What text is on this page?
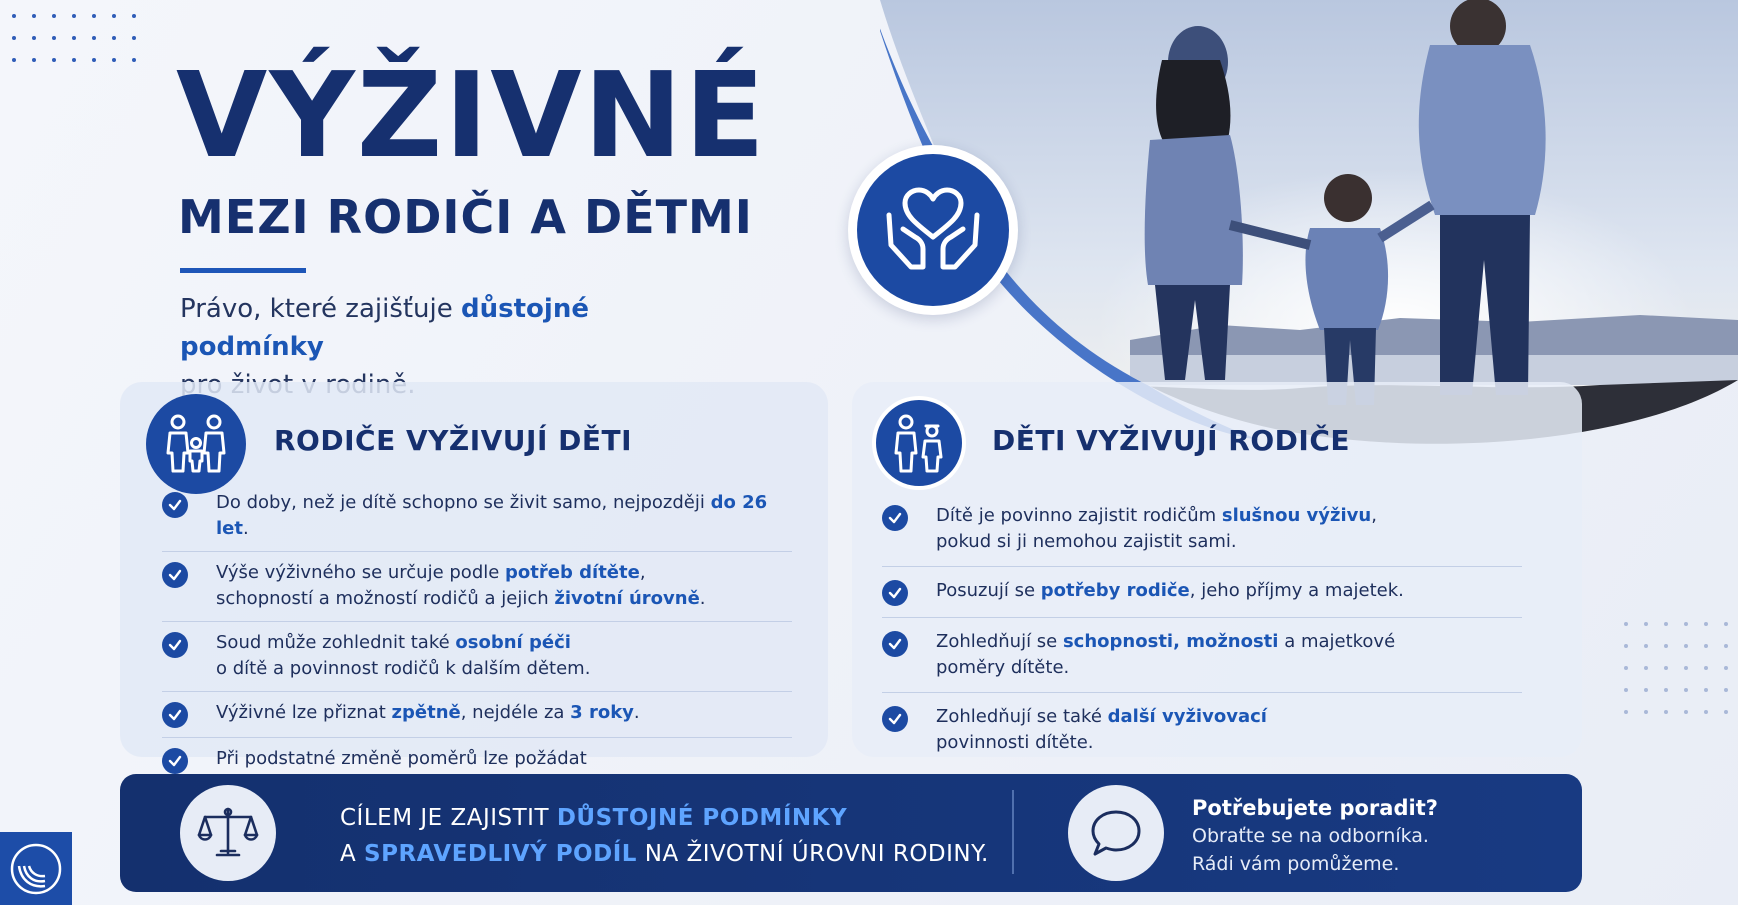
VÝŽIVNÉ
MEZI RODIČI A DĚTMI
Právo, které zajišťuje důstojné podmínky

RODIČE VYŽIVUJÍ DĚTI
Do doby, než je dítě schopno se živit samo, nejpozději do 26 let.
Výše výživného se určuje podle potřeb dítěte,
schopností a možností rodičů a jejich životní úrovně.
Soud může zohlednit také osobní péči
o dítě a povinnost rodičů k dalším dětem.
Výživné lze přiznat zpětně, nejdéle za 3 roky.
Při podstatné změně poměrů lze požádat

DĚTI VYŽIVUJÍ RODIČE
Dítě je povinno zajistit rodičům slušnou výživu,
pokud si ji nemohou zajistit sami.
Posuzují se potřeby rodiče, jeho příjmy a majetek.
Zohledňují se schopnosti, možnosti a majetkové
poměry dítěte.
Zohledňují se také další vyživovací
povinnosti dítěte.
CÍLEM JE ZAJISTIT DŮSTOJNÉ PODMÍNKY
A SPRAVEDLIVÝ PODÍL NA ŽIVOTNÍ ÚROVNI RODINY.
Potřebujete poradit?
Obraťte se na odborníka.
Rádi vám pomůžeme.
